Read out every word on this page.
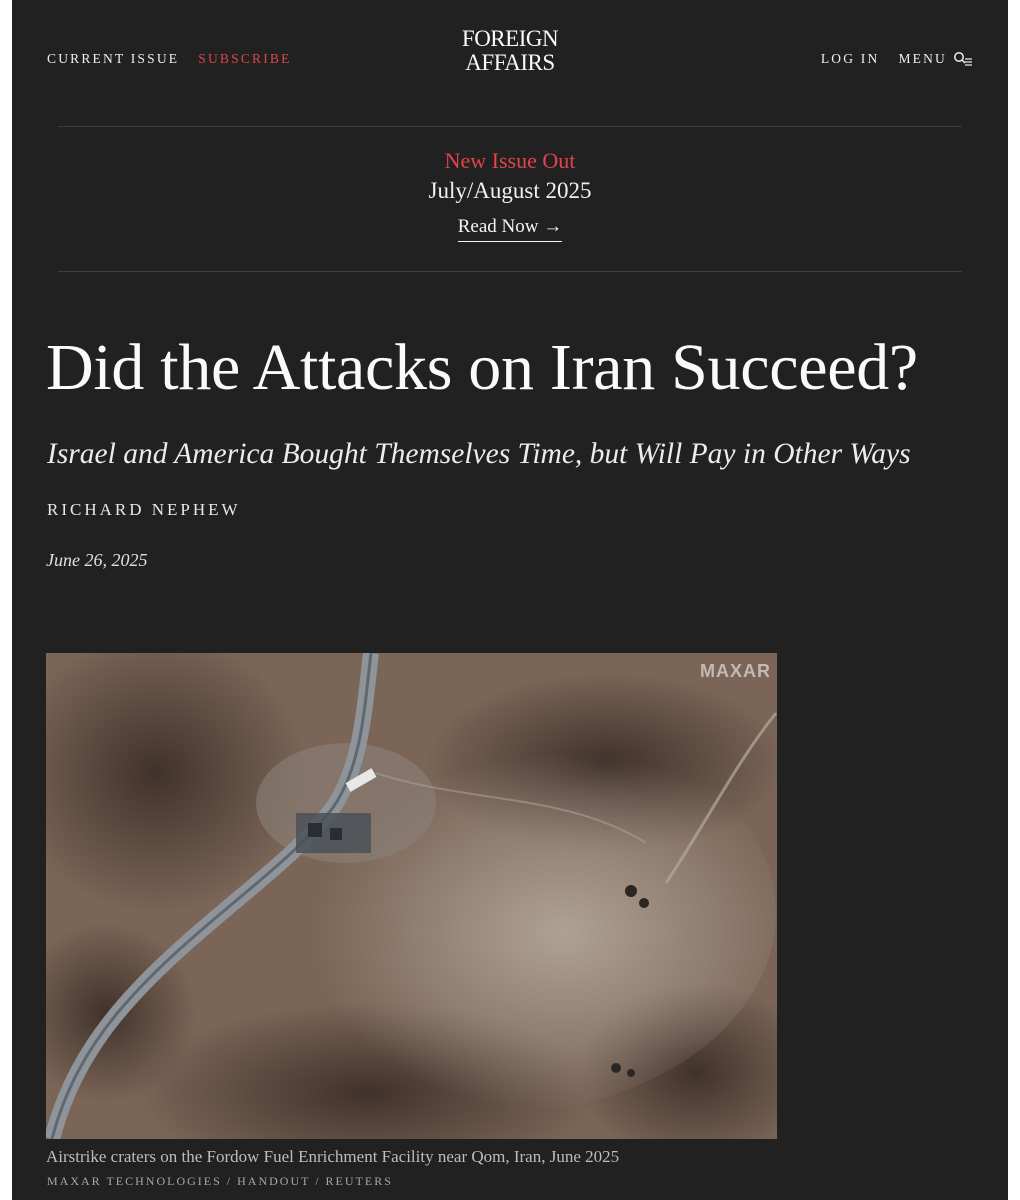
CURRENT ISSUE SUBSCRIBE
FOREIGN
AFFAIRS	LOG IN MENU
New Issue Out
July/August 2025
Read Now →
Did the Attacks on Iran Succeed?
Israel and America Bought Themselves Time, but Will Pay in Other Ways
RICHARD NEPHEW
June 26, 2025
MAXAR
Airstrike craters on the Fordow Fuel Enrichment Facility near Qom, Iran, June 2025
MAXAR TECHNOLOGIES / HANDOUT / REUTERS
